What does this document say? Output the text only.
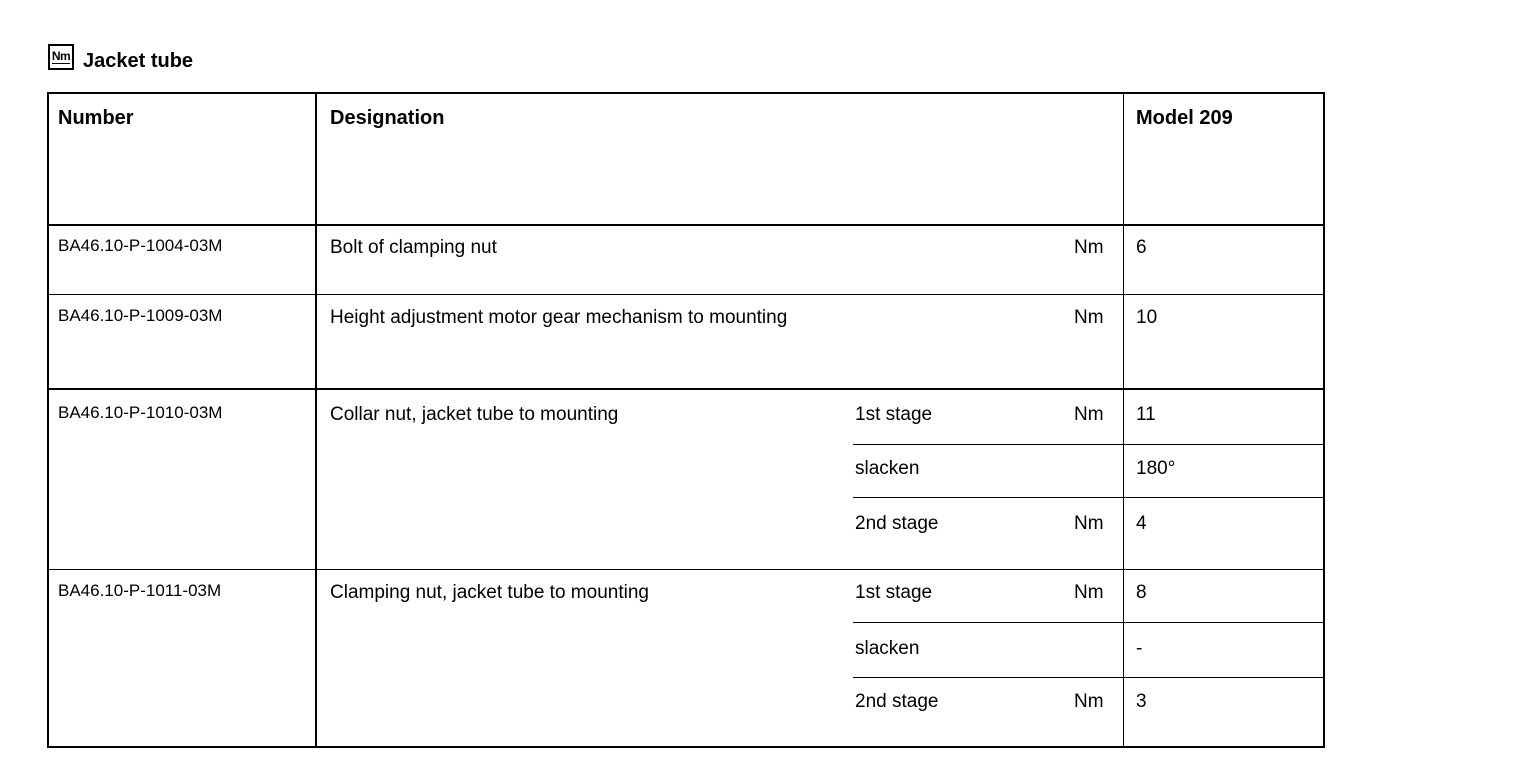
Nm Jacket tube
Number	Designation	Model 209
BA46.10-P-1004-03M	Bolt of clamping nut	Nm 6
BA46.10-P-1009-03M	Height adjustment motor gear mechanism to mounting	Nm 10
BA46.10-P-1010-03M	Collar nut, jacket tube to mounting	1st stage	Nm 11
slacken	180°
2nd stage	Nm 4
BA46.10-P-1011-03M	Clamping nut, jacket tube to mounting	1st stage	Nm 8
slacken	-
2nd stage	Nm 3
